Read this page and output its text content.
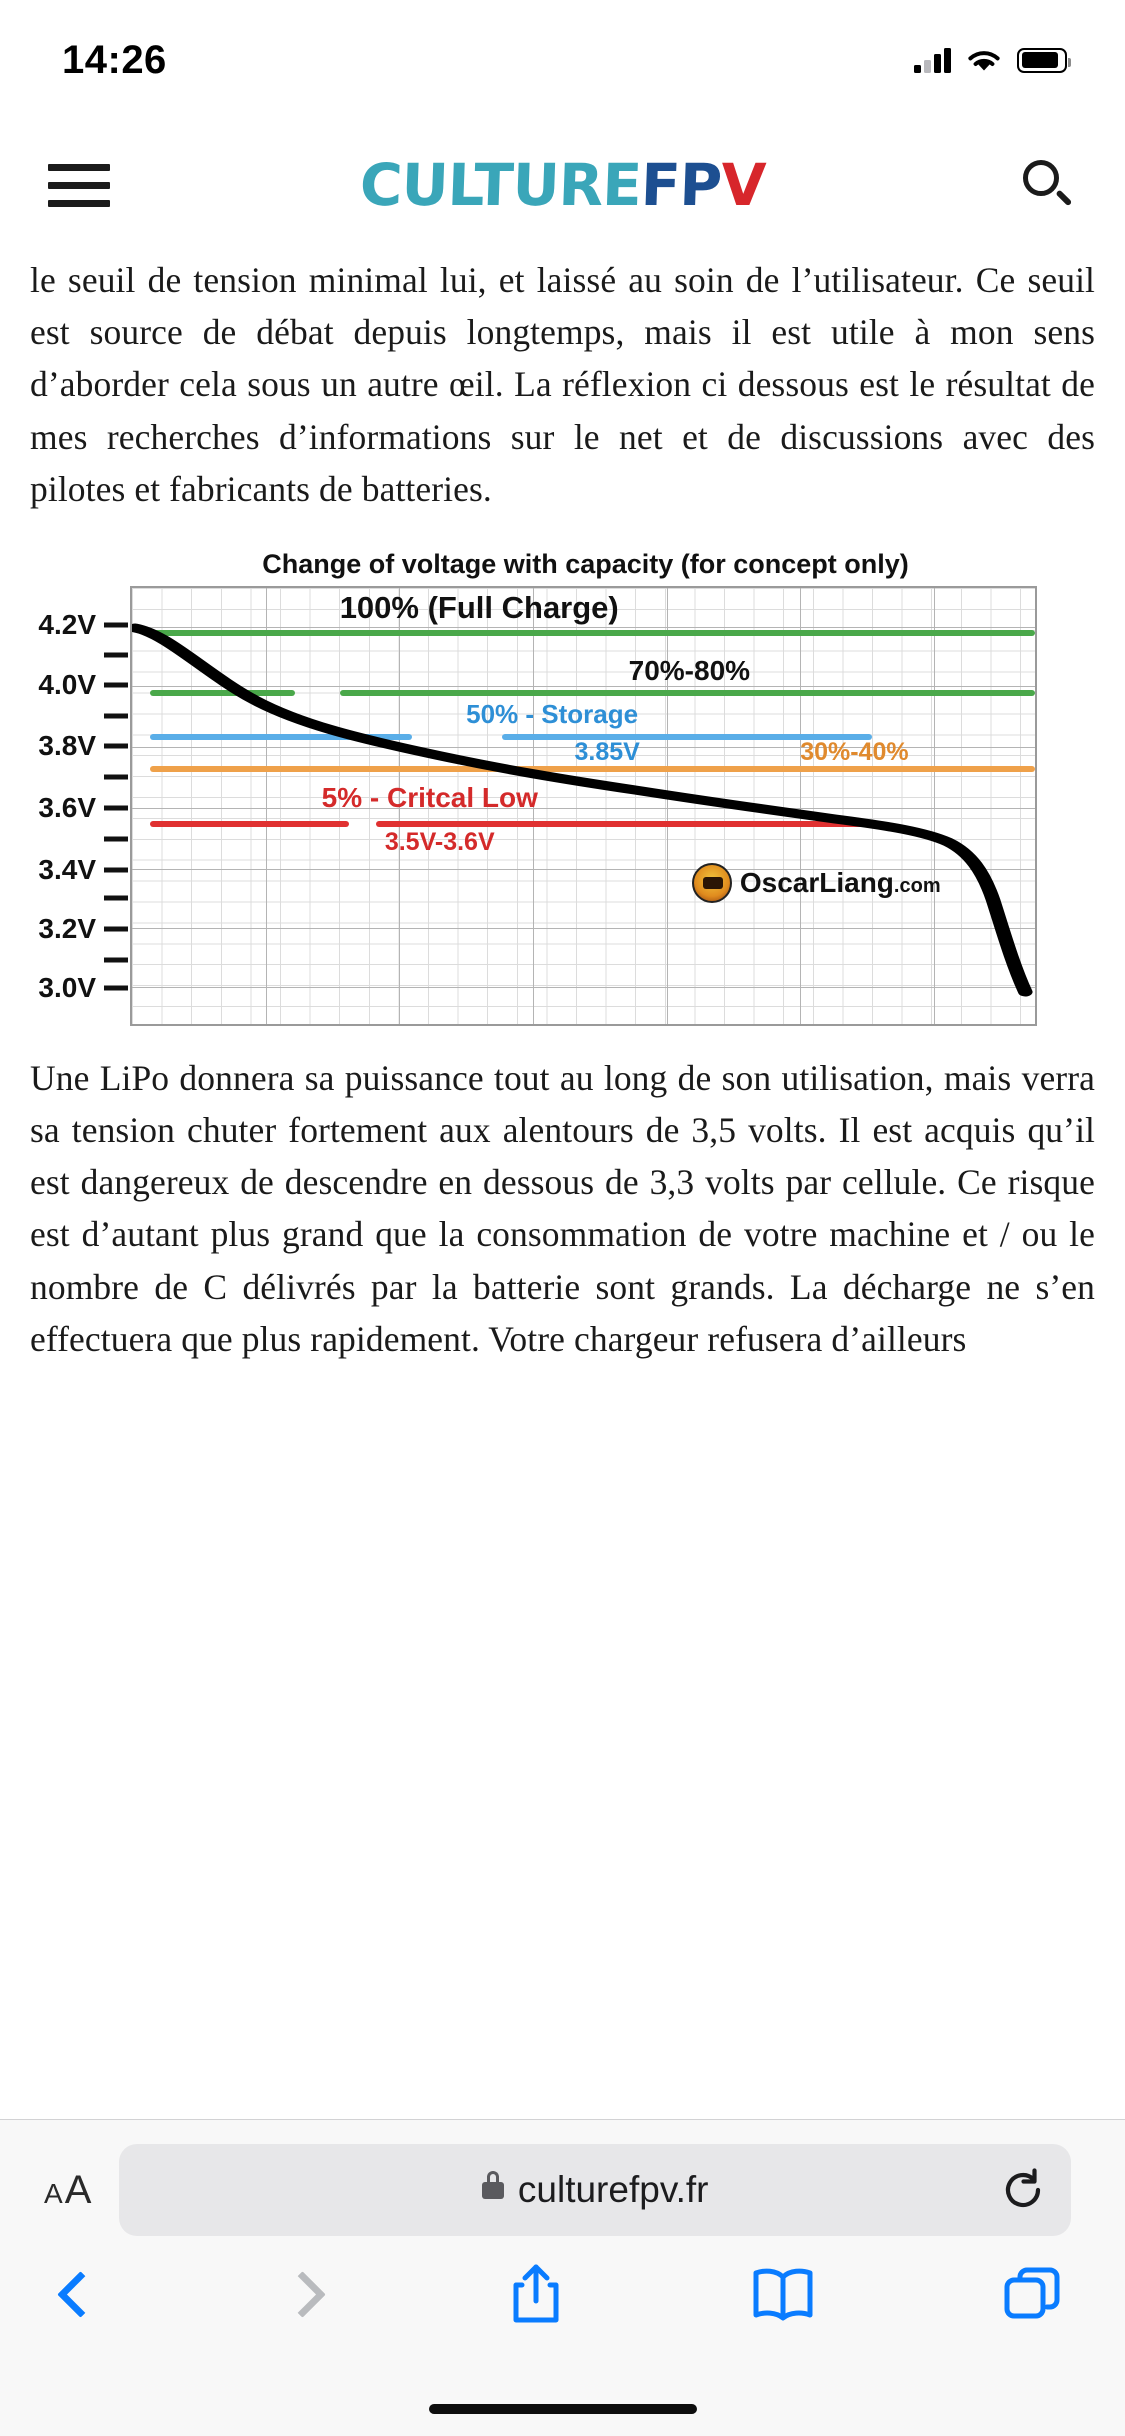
14:26
CULTURE
FP
V

le seuil de tension minimal lui, et laissé au soin de l’utilisateur. Ce seuil est source de débat depuis longtemps, mais il est utile à mon sens d’aborder cela sous un autre œil. La réflexion ci dessous est le résultat de mes recherches d’informations sur le net et de discussions avec des pilotes et fabricants de batteries.

Change of voltage with capacity (for concept only)
4.2V
4.0V
3.8V
3.6V
3.4V
3.2V
3.0V
100% (Full Charge)
70%-80%
50% - Storage
3.85V	30%-40%
5% - Critcal Low
3.5V-3.6V
OscarLiang.com

Une LiPo donnera sa puissance tout au long de son utilisation, mais verra sa tension chuter fortement aux alentours de 3,5 volts. Il est acquis qu’il est dangereux de descendre en dessous de 3,3 volts par cellule. Ce risque est d’autant plus grand que la consommation de votre machine et / ou le nombre de C délivrés par la batterie sont grands. La décharge ne s’en effectuera que plus rapidement. Votre chargeur refusera d’ailleurs

A A	culturefpv.fr
